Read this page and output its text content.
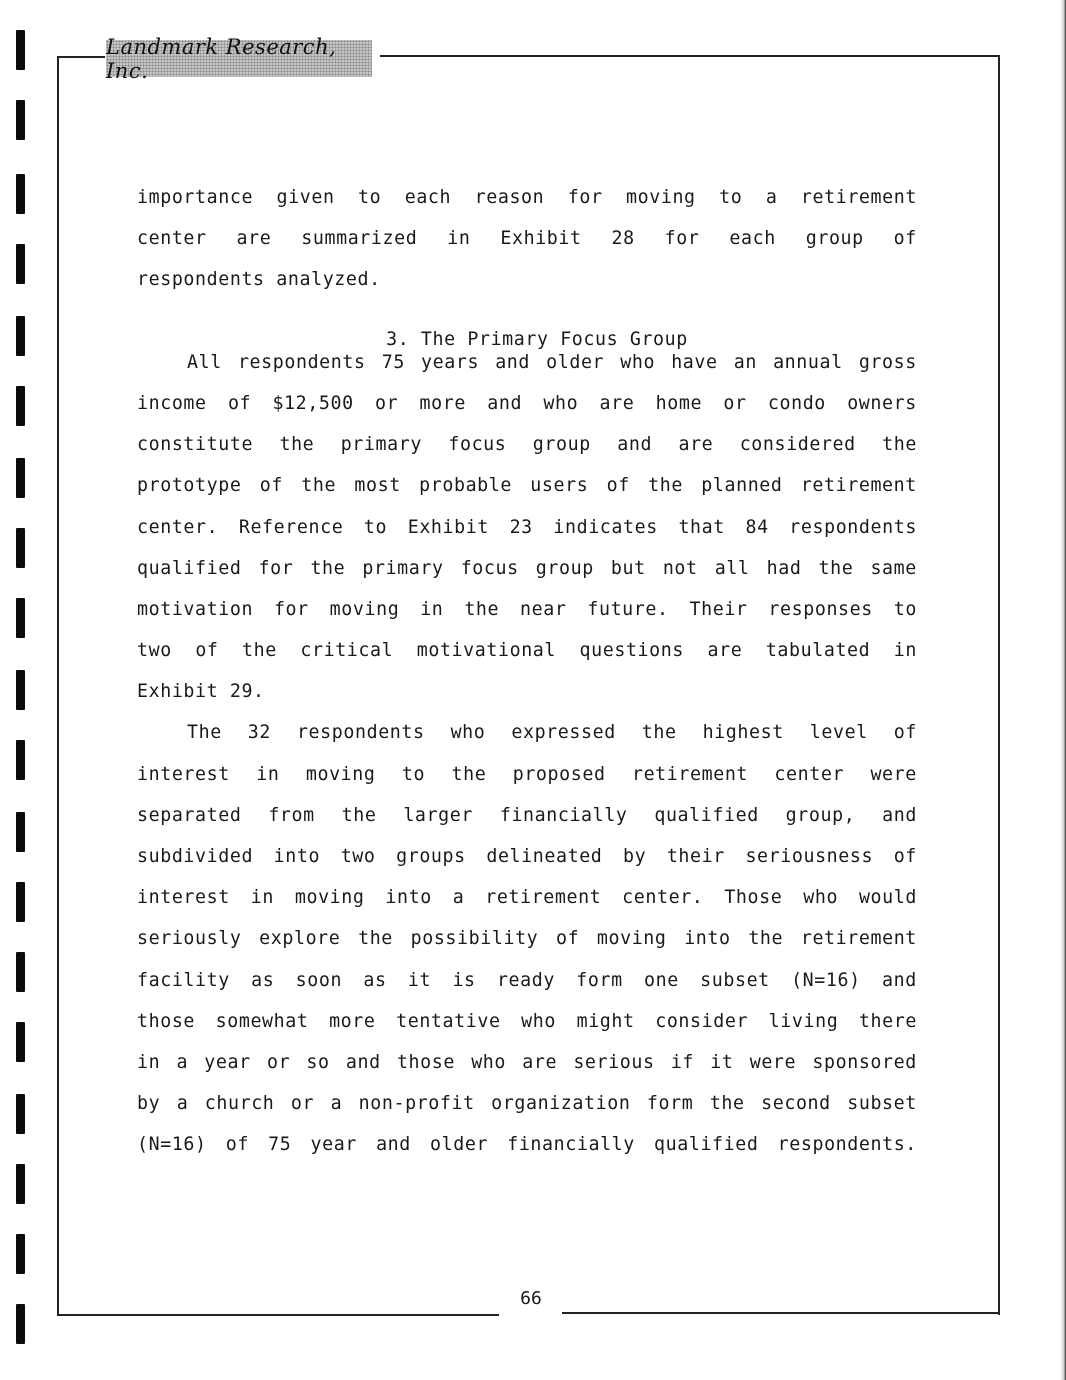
Landmark Research, Inc.
importance given to each reason for moving to a retirement
center are summarized in Exhibit 28 for each group of
respondents analyzed.
3. The Primary Focus Group
All respondents 75 years and older who have an annual gross
income of $12,500 or more and who are home or condo owners
constitute the primary focus group and are considered the
prototype of the most probable users of the planned retirement
center. Reference to Exhibit 23 indicates that 84 respondents
qualified for the primary focus group but not all had the same
motivation for moving in the near future. Their responses to
two of the critical motivational questions are tabulated in
Exhibit 29.
The 32 respondents who expressed the highest level of
interest in moving to the proposed retirement center were
separated from the larger financially qualified group, and
subdivided into two groups delineated by their seriousness of
interest in moving into a retirement center. Those who would
seriously explore the possibility of moving into the retirement
facility as soon as it is ready form one subset (N=16) and
those somewhat more tentative who might consider living there
in a year or so and those who are serious if it were sponsored
by a church or a non-profit organization form the second subset
(N=16) of 75 year and older financially qualified respondents.
66
